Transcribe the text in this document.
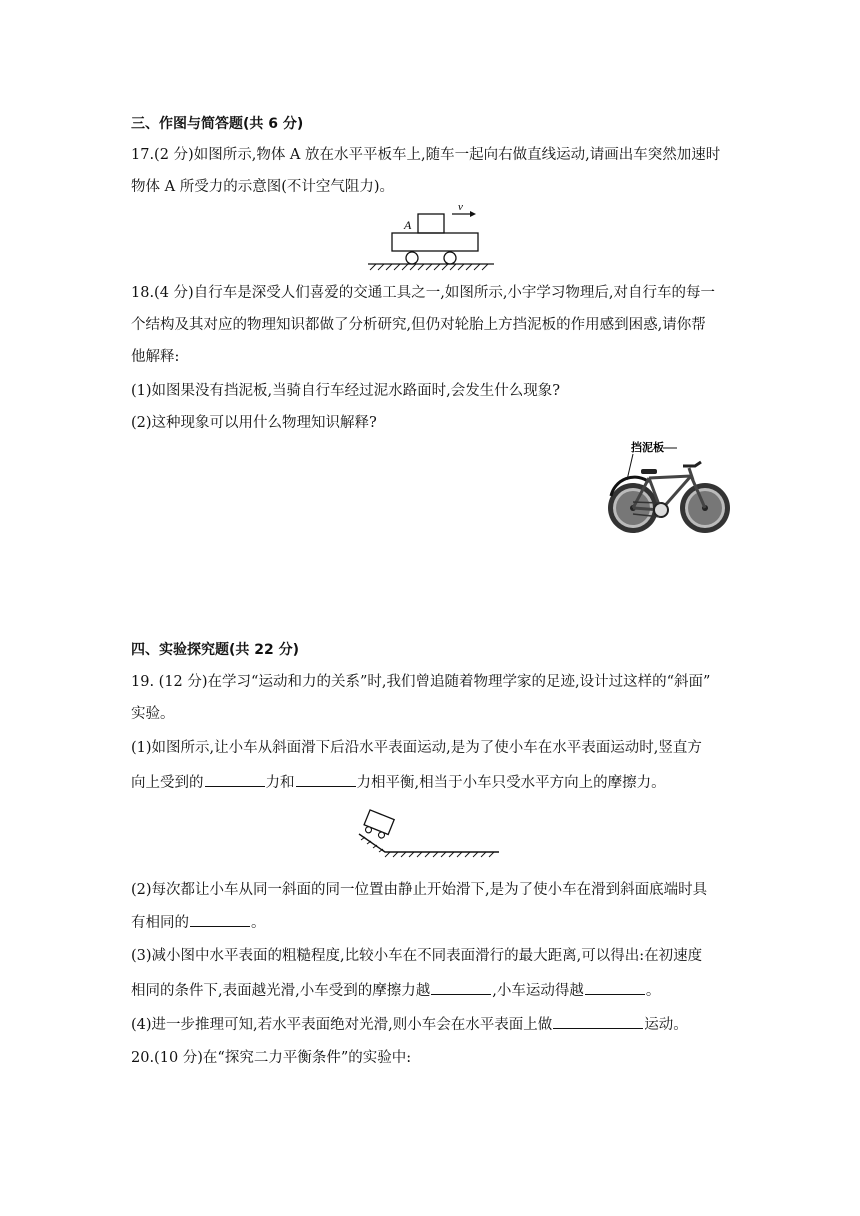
三、作图与简答题(共 6 分)
17.(2 分)如图所示,物体 A 放在水平平板车上,随车一起向右做直线运动,请画出车突然加速时
物体 A 所受力的示意图(不计空气阻力)。
A
v
18.(4 分)自行车是深受人们喜爱的交通工具之一,如图所示,小宇学习物理后,对自行车的每一
个结构及其对应的物理知识都做了分析研究,但仍对轮胎上方挡泥板的作用感到困惑,请你帮
他解释:
(1)如图果没有挡泥板,当骑自行车经过泥水路面时,会发生什么现象?
(2)这种现象可以用什么物理知识解释?
挡泥板
四、实验探究题(共 22 分)
19. (12 分)在学习“运动和力的关系”时,我们曾追随着物理学家的足迹,设计过这样的“斜面”
实验。
(1)如图所示,让小车从斜面滑下后沿水平表面运动,是为了使小车在水平表面运动时,竖直方
向上受到的	力和	力相平衡,相当于小车只受水平方向上的摩擦力。
(2)每次都让小车从同一斜面的同一位置由静止开始滑下,是为了使小车在滑到斜面底端时具
有相同的	。
(3)减小图中水平表面的粗糙程度,比较小车在不同表面滑行的最大距离,可以得出:在初速度
相同的条件下,表面越光滑,小车受到的摩擦力越	,小车运动得越	。
(4)进一步推理可知,若水平表面绝对光滑,则小车会在水平表面上做	运动。
20.(10 分)在“探究二力平衡条件”的实验中:
